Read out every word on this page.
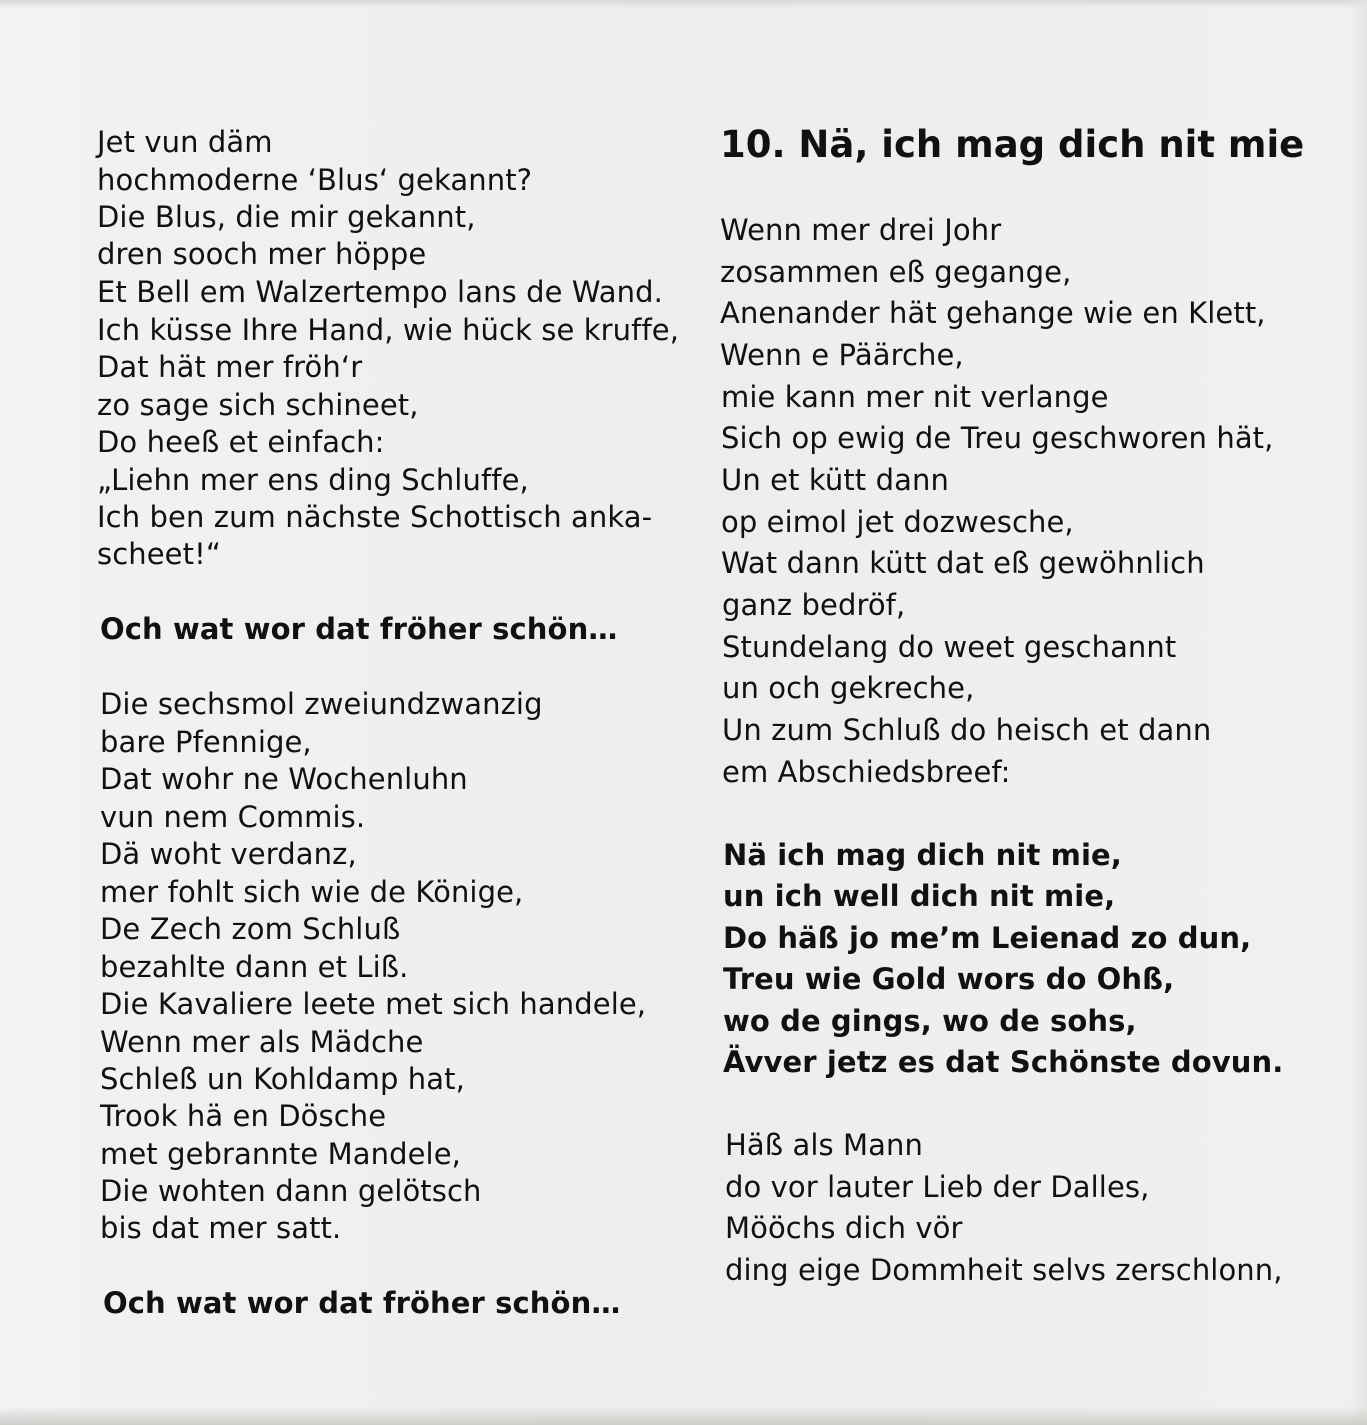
Jet vun däm
hochmoderne ‘Blus‘ gekannt?
Die Blus, die mir gekannt,
dren sooch mer höppe
Et Bell em Walzertempo lans de Wand.
Ich küsse Ihre Hand, wie hück se kruffe,
Dat hät mer fröh‘r
zo sage sich schineet,
Do heeß et einfach:
„Liehn mer ens ding Schluffe,
Ich ben zum nächste Schottisch anka-
scheet!“
Och wat wor dat fröher schön…
Die sechsmol zweiundzwanzig
bare Pfennige,
Dat wohr ne Wochenluhn
vun nem Commis.
Dä woht verdanz,
mer fohlt sich wie de Könige,
De Zech zom Schluß
bezahlte dann et Liß.
Die Kavaliere leete met sich handele,
Wenn mer als Mädche
Schleß un Kohldamp hat,
Trook hä en Dösche
met gebrannte Mandele,
Die wohten dann gelötsch
bis dat mer satt.
Och wat wor dat fröher schön…
10. Nä, ich mag dich nit mie
Wenn mer drei Johr
zosammen eß gegange,
Anenander hät gehange wie en Klett,
Wenn e Päärche,
mie kann mer nit verlange
Sich op ewig de Treu geschworen hät,
Un et kütt dann
op eimol jet dozwesche,
Wat dann kütt dat eß gewöhnlich
ganz bedröf,
Stundelang do weet geschannt
un och gekreche,
Un zum Schluß do heisch et dann
em Abschiedsbreef:
Nä ich mag dich nit mie,
un ich well dich nit mie,
Do häß jo me’m Leienad zo dun,
Treu wie Gold wors do Ohß,
wo de gings, wo de sohs,
Ävver jetz es dat Schönste dovun.
Häß als Mann
do vor lauter Lieb der Dalles,
Mööchs dich vör
ding eige Dommheit selvs zerschlonn,
